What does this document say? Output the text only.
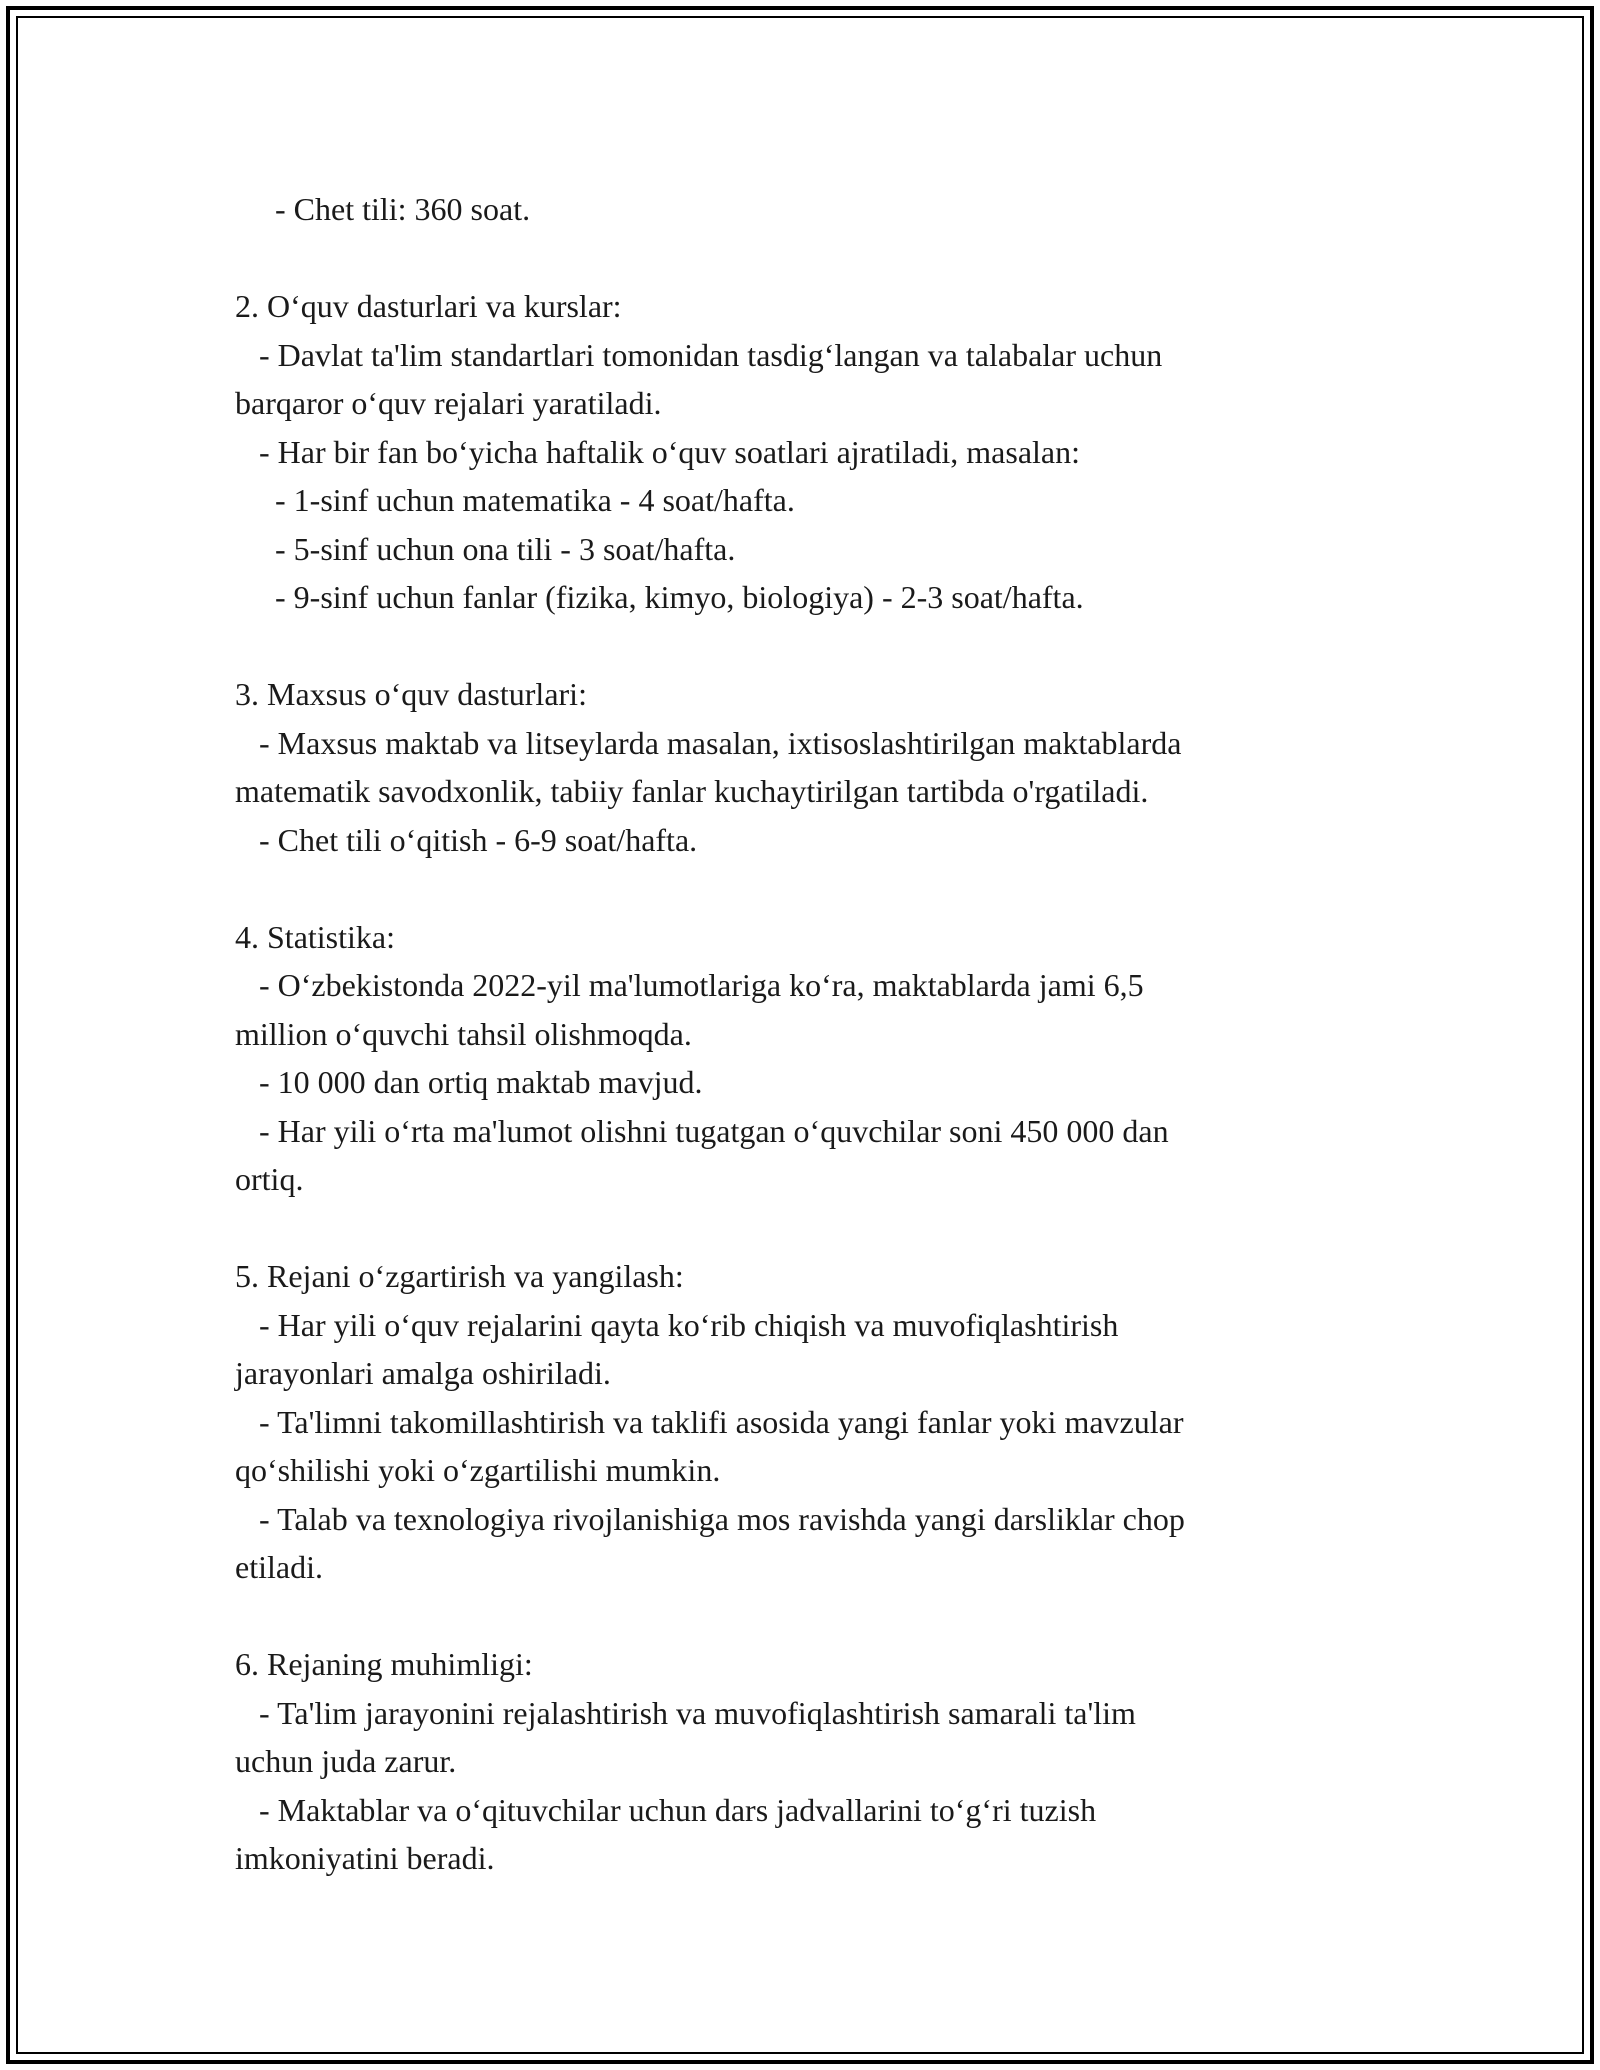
- Chet tili: 360 soat.
2. O‘quv dasturlari va kurslar:
- Davlat ta'lim standartlari tomonidan tasdig‘langan va talabalar uchun
barqaror o‘quv rejalari yaratiladi.
- Har bir fan bo‘yicha haftalik o‘quv soatlari ajratiladi, masalan:
- 1-sinf uchun matematika - 4 soat/hafta.
- 5-sinf uchun ona tili - 3 soat/hafta.
- 9-sinf uchun fanlar (fizika, kimyo, biologiya) - 2-3 soat/hafta.
3. Maxsus o‘quv dasturlari:
- Maxsus maktab va litseylarda masalan, ixtisoslashtirilgan maktablarda
matematik savodxonlik, tabiiy fanlar kuchaytirilgan tartibda o'rgatiladi.
- Chet tili o‘qitish - 6-9 soat/hafta.
4. Statistika:
- O‘zbekistonda 2022-yil ma'lumotlariga ko‘ra, maktablarda jami 6,5
million o‘quvchi tahsil olishmoqda.
- 10 000 dan ortiq maktab mavjud.
- Har yili o‘rta ma'lumot olishni tugatgan o‘quvchilar soni 450 000 dan
ortiq.
5. Rejani o‘zgartirish va yangilash:
- Har yili o‘quv rejalarini qayta ko‘rib chiqish va muvofiqlashtirish
jarayonlari amalga oshiriladi.
- Ta'limni takomillashtirish va taklifi asosida yangi fanlar yoki mavzular
qo‘shilishi yoki o‘zgartilishi mumkin.
- Talab va texnologiya rivojlanishiga mos ravishda yangi darsliklar chop
etiladi.
6. Rejaning muhimligi:
- Ta'lim jarayonini rejalashtirish va muvofiqlashtirish samarali ta'lim
uchun juda zarur.
- Maktablar va o‘qituvchilar uchun dars jadvallarini to‘g‘ri tuzish
imkoniyatini beradi.
